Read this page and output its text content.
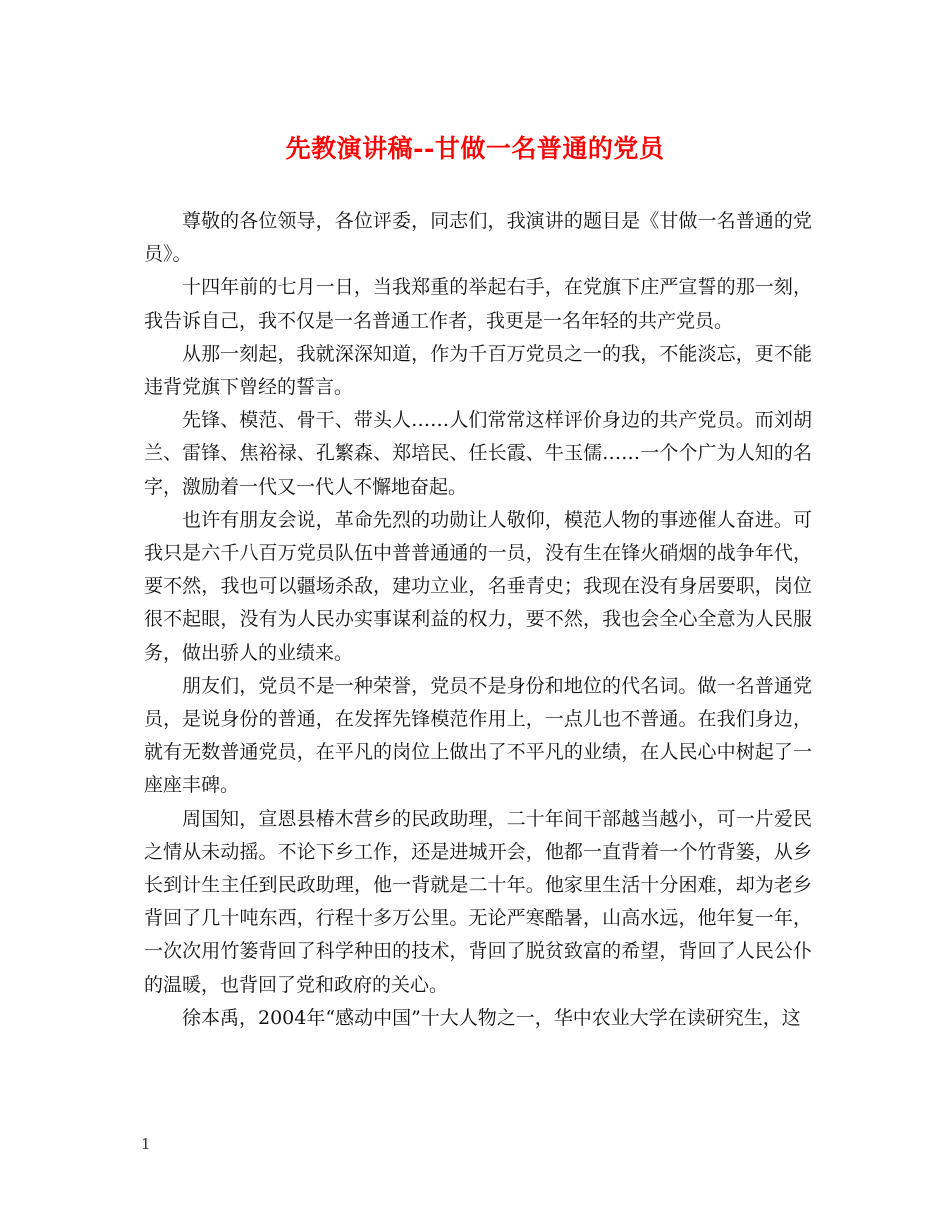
先教演讲稿--甘做一名普通的党员

尊敬的各位领导，各位评委，同志们，我演讲的题目是《甘做一名普通的党员》。

十四年前的七月一日，当我郑重的举起右手，在党旗下庄严宣誓的那一刻，我告诉自己，我不仅是一名普通工作者，我更是一名年轻的共产党员。

从那一刻起，我就深深知道，作为千百万党员之一的我，不能淡忘，更不能违背党旗下曾经的誓言。

先锋、模范、骨干、带头人……人们常常这样评价身边的共产党员。而刘胡兰、雷锋、焦裕禄、孔繁森、郑培民、任长霞、牛玉儒……一个个广为人知的名字，激励着一代又一代人不懈地奋起。

也许有朋友会说，革命先烈的功勋让人敬仰，模范人物的事迹催人奋进。可我只是六千八百万党员队伍中普普通通的一员，没有生在锋火硝烟的战争年代，要不然，我也可以疆场杀敌，建功立业，名垂青史；我现在没有身居要职，岗位很不起眼，没有为人民办实事谋利益的权力，要不然，我也会全心全意为人民服务，做出骄人的业绩来。

朋友们，党员不是一种荣誉，党员不是身份和地位的代名词。做一名普通党员，是说身份的普通，在发挥先锋模范作用上，一点儿也不普通。在我们身边，就有无数普通党员，在平凡的岗位上做出了不平凡的业绩，在人民心中树起了一座座丰碑。

周国知，宣恩县椿木营乡的民政助理，二十年间干部越当越小，可一片爱民之情从未动摇。不论下乡工作，还是进城开会，他都一直背着一个竹背篓，从乡长到计生主任到民政助理，他一背就是二十年。他家里生活十分困难，却为老乡背回了几十吨东西，行程十多万公里。无论严寒酷暑，山高水远，他年复一年，一次次用竹篓背回了科学种田的技术，背回了脱贫致富的希望，背回了人民公仆的温暖，也背回了党和政府的关心。

徐本禹，2004年“感动中国”十大人物之一，华中农业大学在读研究生，这

1
